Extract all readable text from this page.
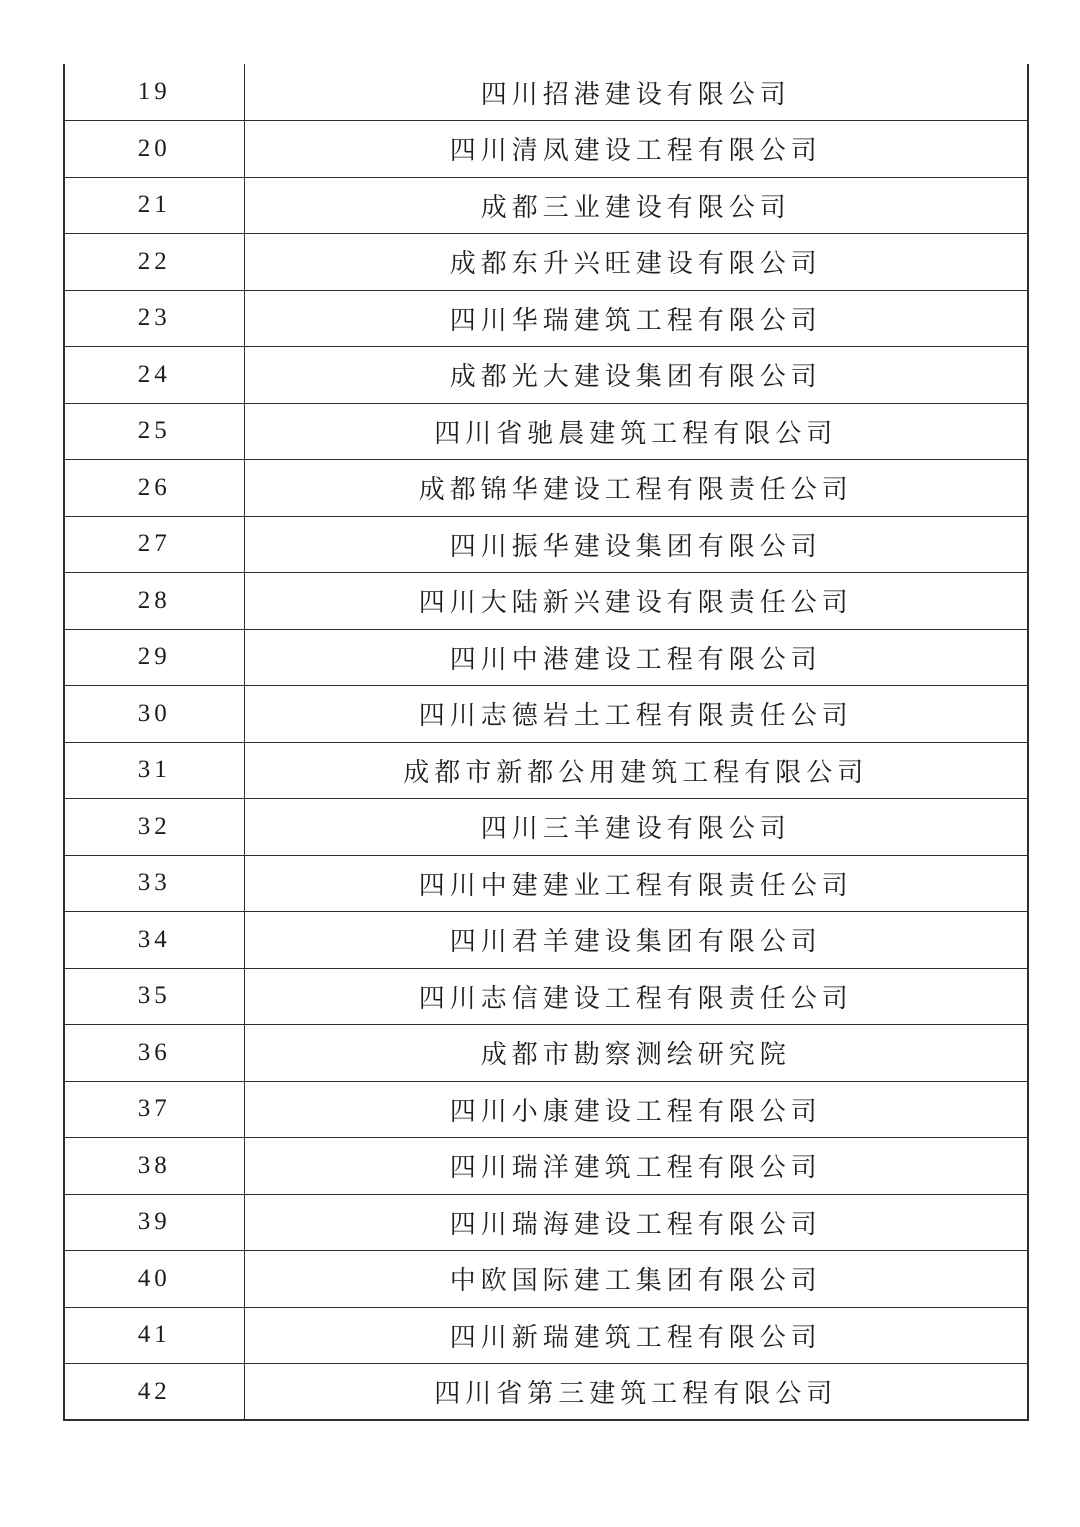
19	四川招港建设有限公司
20	四川清凤建设工程有限公司
21	成都三业建设有限公司
22	成都东升兴旺建设有限公司
23	四川华瑞建筑工程有限公司
24	成都光大建设集团有限公司
25	四川省驰晨建筑工程有限公司
26	成都锦华建设工程有限责任公司
27	四川振华建设集团有限公司
28	四川大陆新兴建设有限责任公司
29	四川中港建设工程有限公司
30	四川志德岩土工程有限责任公司
31	成都市新都公用建筑工程有限公司
32	四川三羊建设有限公司
33	四川中建建业工程有限责任公司
34	四川君羊建设集团有限公司
35	四川志信建设工程有限责任公司
36	成都市勘察测绘研究院
37	四川小康建设工程有限公司
38	四川瑞洋建筑工程有限公司
39	四川瑞海建设工程有限公司
40	中欧国际建工集团有限公司
41	四川新瑞建筑工程有限公司
42	四川省第三建筑工程有限公司
